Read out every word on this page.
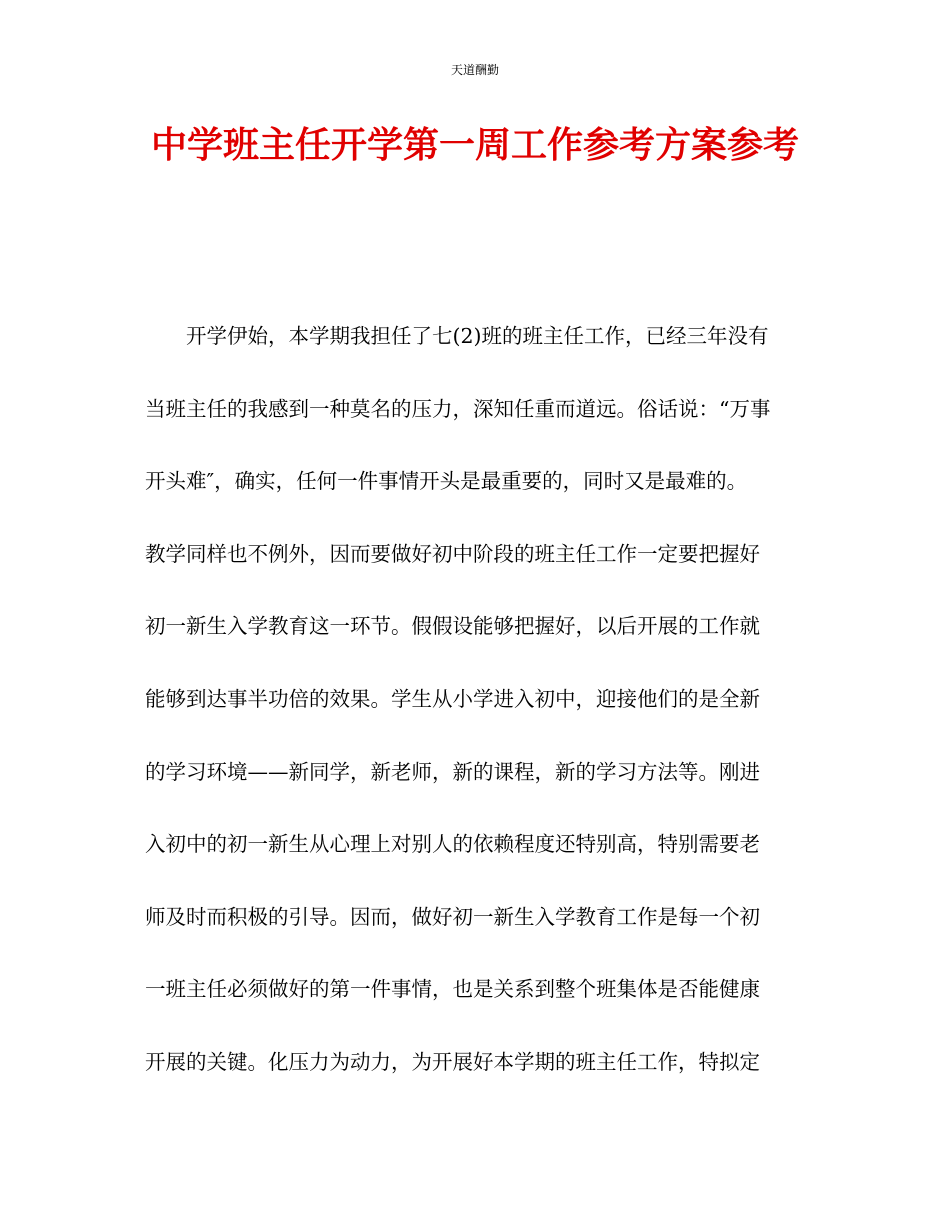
天道酬勤
中学班主任开学第一周工作参考方案参考
开学伊始，本学期我担任了七(2)班的班主任工作，已经三年没有
当班主任的我感到一种莫名的压力，深知任重而道远。俗话说：“万事
开头难″，确实，任何一件事情开头是最重要的，同时又是最难的。
教学同样也不例外，因而要做好初中阶段的班主任工作一定要把握好
初一新生入学教育这一环节。假假设能够把握好，以后开展的工作就
能够到达事半功倍的效果。学生从小学进入初中，迎接他们的是全新
的学习环境——新同学，新老师，新的课程，新的学习方法等。刚进
入初中的初一新生从心理上对别人的依赖程度还特别高，特别需要老
师及时而积极的引导。因而，做好初一新生入学教育工作是每一个初
一班主任必须做好的第一件事情，也是关系到整个班集体是否能健康
开展的关键。化压力为动力，为开展好本学期的班主任工作，特拟定
